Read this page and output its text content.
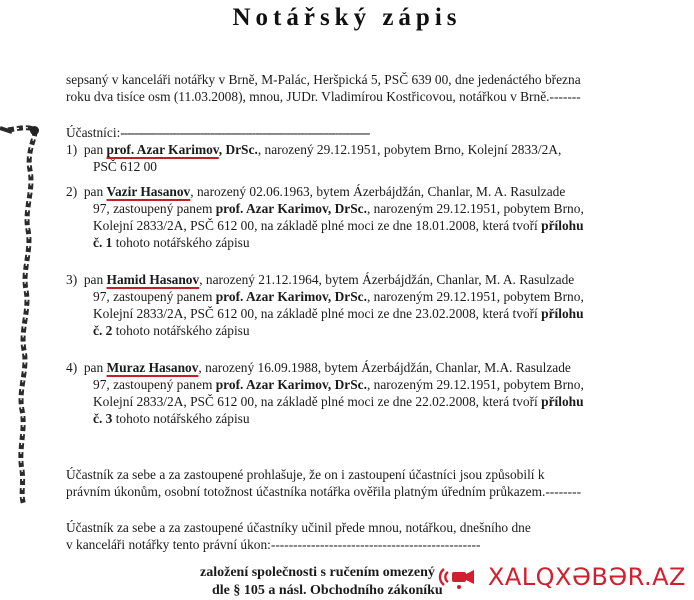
Notářský zápis
sepsaný v kanceláři notářky v Brně, M-Palác, Heršpická 5, PSČ 639 00, dne jedenáctého března
roku dva tisíce osm (11.03.2008), mnou, JUDr. Vladimírou Kostřicovou, notářkou v Brně.-------
Účastníci:------------------------------------------------------------------------
1) pan prof. Azar Karimov, DrSc., narozený 29.12.1951, pobytem Brno, Kolejní 2833/2A,
PSČ 612 00
2) pan Vazir Hasanov, narozený 02.06.1963, bytem Ázerbájdžán, Chanlar, M. A. Rasulzade
97, zastoupený panem prof. Azar Karimov, DrSc., narozeným 29.12.1951, pobytem Brno,
Kolejní 2833/2A, PSČ 612 00, na základě plné moci ze dne 18.01.2008, která tvoří přílohu
č. 1 tohoto notářského zápisu
3) pan Hamid Hasanov, narozený 21.12.1964, bytem Ázerbájdžán, Chanlar, M. A. Rasulzade
97, zastoupený panem prof. Azar Karimov, DrSc., narozeným 29.12.1951, pobytem Brno,
Kolejní 2833/2A, PSČ 612 00, na základě plné moci ze dne 23.02.2008, která tvoří přílohu
č. 2 tohoto notářského zápisu
4) pan Muraz Hasanov, narozený 16.09.1988, bytem Ázerbájdžán, Chanlar, M.A. Rasulzade
97, zastoupený panem prof. Azar Karimov, DrSc., narozeným 29.12.1951, pobytem Brno,
Kolejní 2833/2A, PSČ 612 00, na základě plné moci ze dne 22.02.2008, která tvoří přílohu
č. 3 tohoto notářského zápisu
Účastník za sebe a za zastoupené prohlašuje, že on i zastoupení účastníci jsou způsobilí k
právním úkonům, osobní totožnost účastníka notářka ověřila platným úředním průkazem.--------
Účastník za sebe a za zastoupené účastníky učinil přede mnou, notářkou, dnešního dne
v kanceláři notářky tento právní úkon:-----------------------------------------------
založení společnosti s ručením omezený
dle § 105 a násl. Obchodního zákoníku XALQXƏBƏR.AZ
